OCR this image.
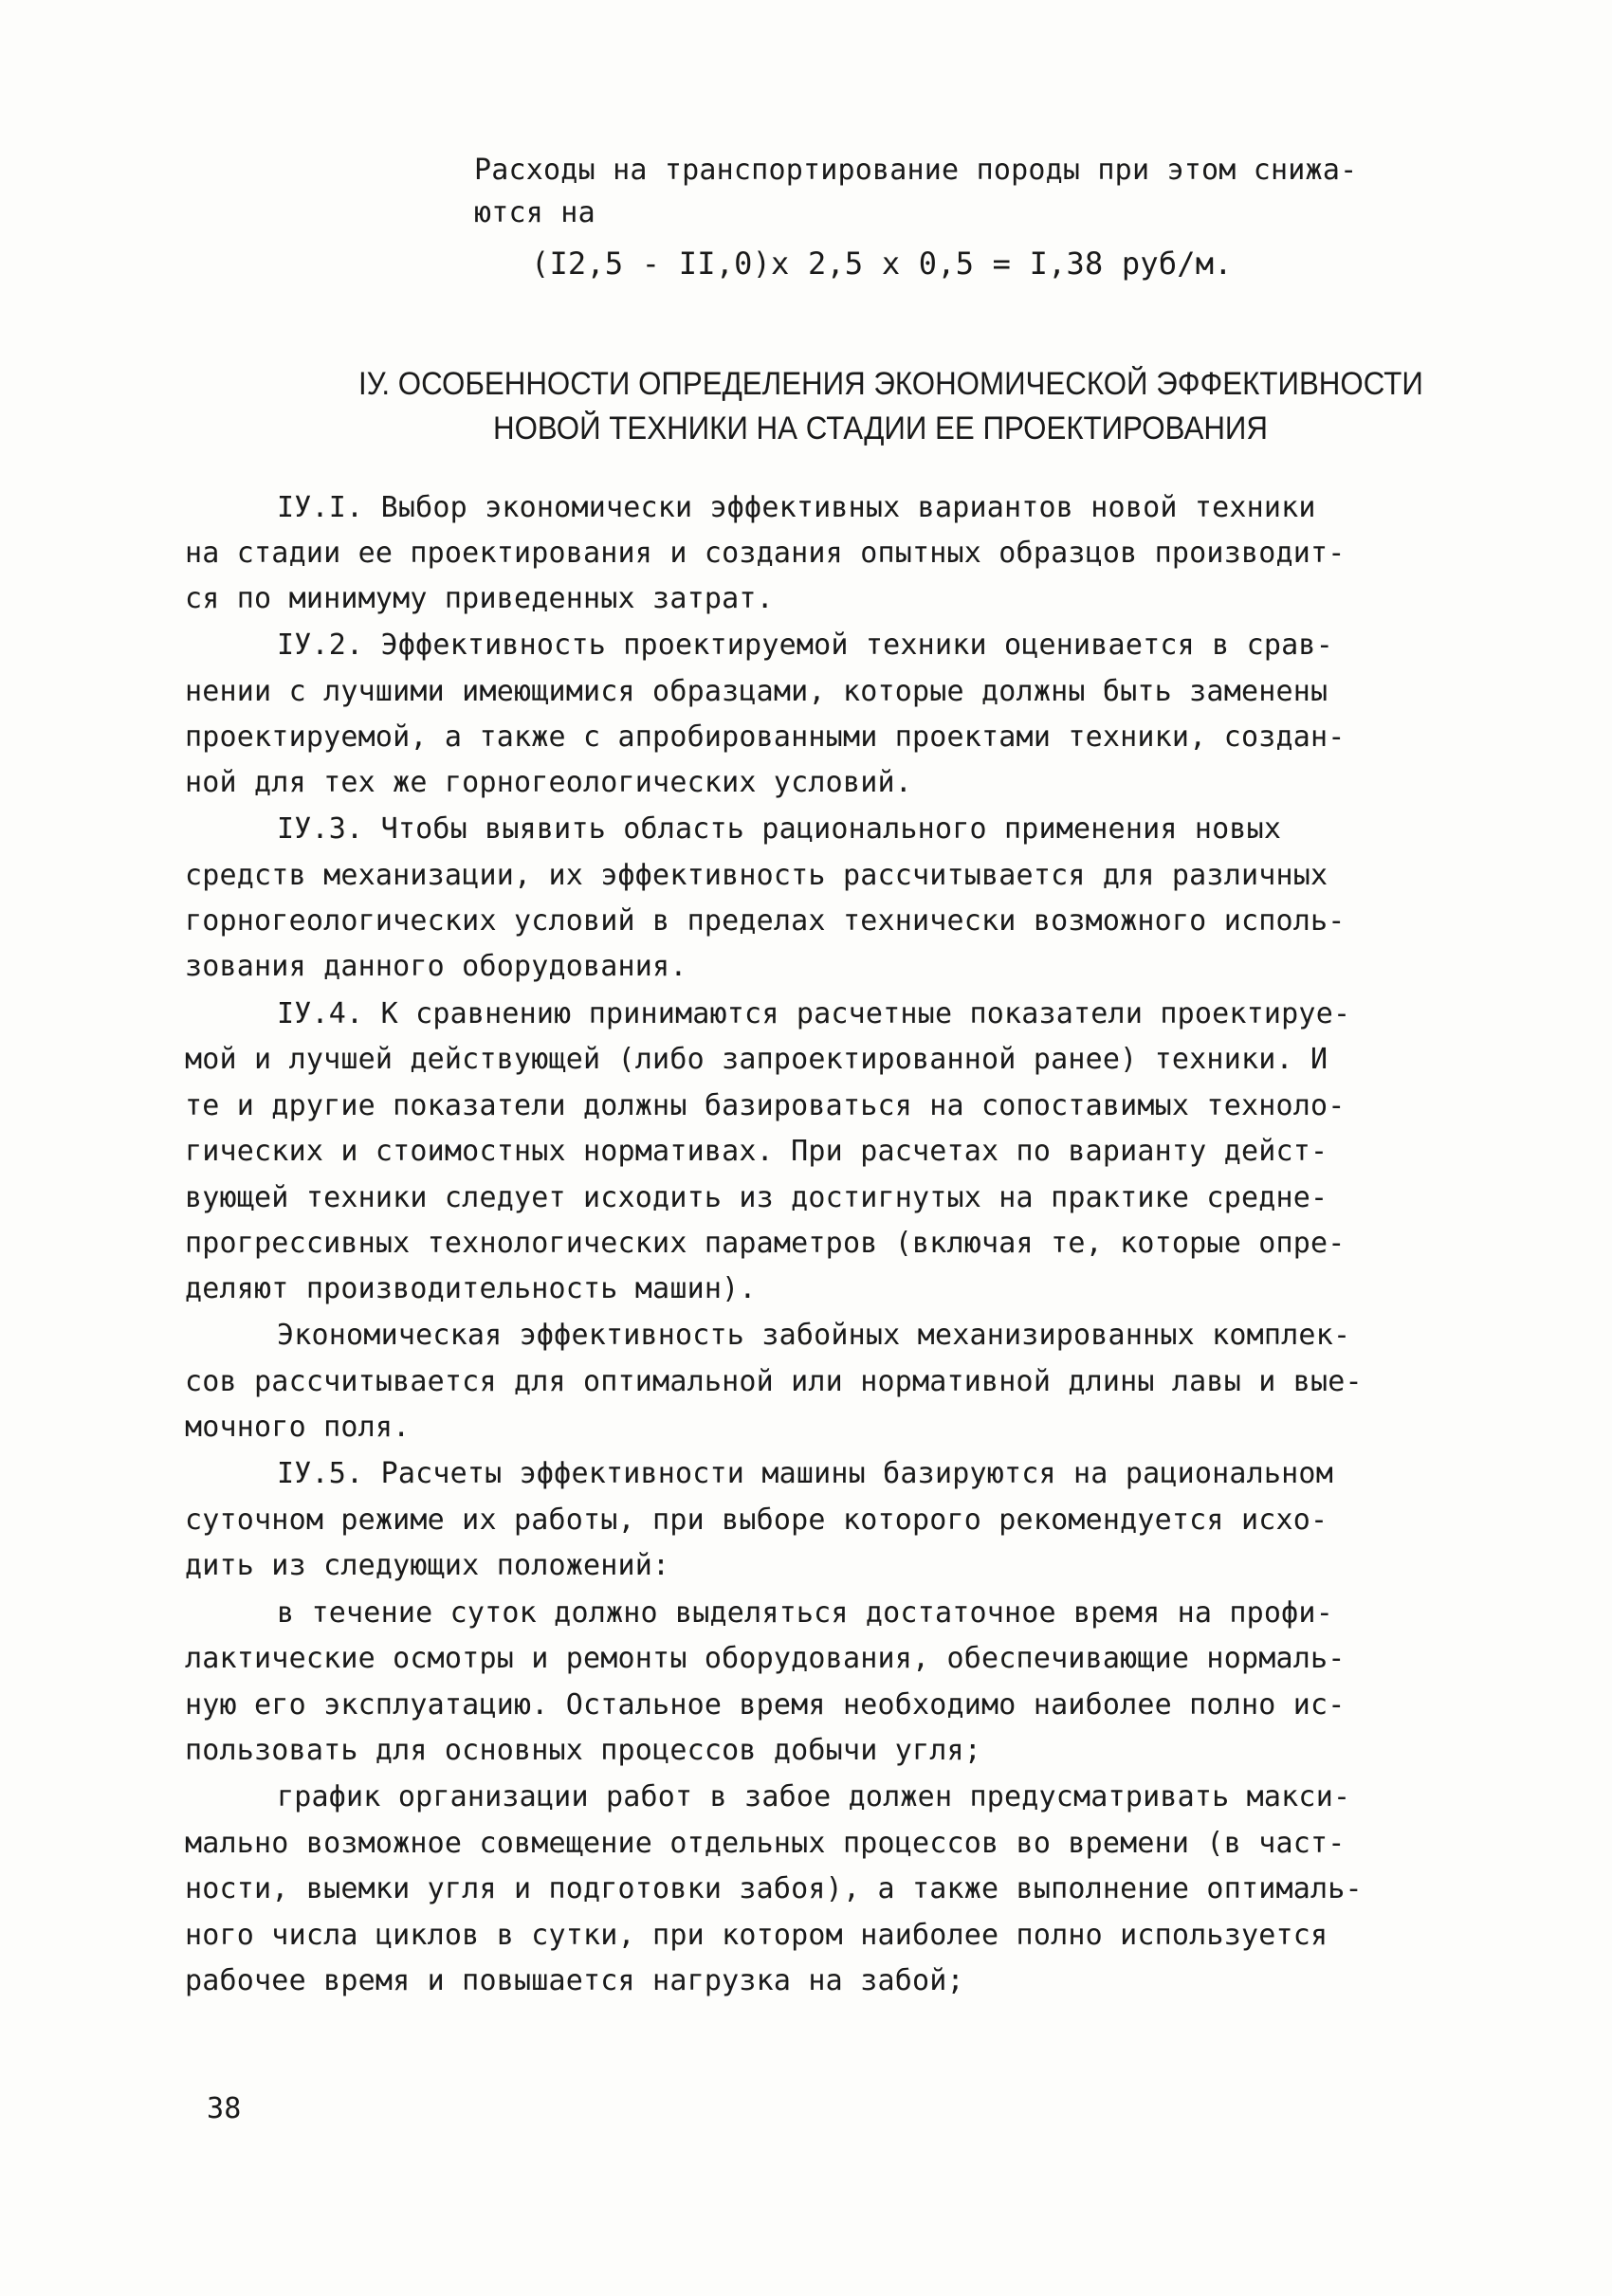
Расходы на транспортирование породы при этом снижа-
ются на
(I2,5 - II,0)x 2,5 x 0,5 = I,38 руб/м.
IУ. ОСОБЕННОСТИ ОПРЕДЕЛЕНИЯ ЭКОНОМИЧЕСКОЙ ЭФФЕКТИВНОСТИ
НОВОЙ ТЕХНИКИ НА СТАДИИ ЕЕ ПРОЕКТИРОВАНИЯ
IУ.I. Выбор экономически эффективных вариантов новой техники
на стадии ее проектирования и создания опытных образцов производит-
ся по минимуму приведенных затрат.
IУ.2. Эффективность проектируемой техники оценивается в срав-
нении с лучшими имеющимися образцами, которые должны быть заменены
проектируемой, а также с апробированными проектами техники, создан-
ной для тех же горногеологических условий.
IУ.3. Чтобы выявить область рационального применения новых
средств механизации, их эффективность рассчитывается для различных
горногеологических условий в пределах технически возможного исполь-
зования данного оборудования.
IУ.4. К сравнению принимаются расчетные показатели проектируе-
мой и лучшей действующей (либо запроектированной ранее) техники. И
те и другие показатели должны базироваться на сопоставимых техноло-
гических и стоимостных нормативах. При расчетах по варианту дейст-
вующей техники следует исходить из достигнутых на практике средне-
прогрессивных технологических параметров (включая те, которые опре-
деляют производительность машин).
Экономическая эффективность забойных механизированных комплек-
сов рассчитывается для оптимальной или нормативной длины лавы и вые-
мочного поля.
IУ.5. Расчеты эффективности машины базируются на рациональном
суточном режиме их работы, при выборе которого рекомендуется исхо-
дить из следующих положений:
в течение суток должно выделяться достаточное время на профи-
лактические осмотры и ремонты оборудования, обеспечивающие нормаль-
ную его эксплуатацию. Остальное время необходимо наиболее полно ис-
пользовать для основных процессов добычи угля;
график организации работ в забое должен предусматривать макси-
мально возможное совмещение отдельных процессов во времени (в част-
ности, выемки угля и подготовки забоя), а также выполнение оптималь-
ного числа циклов в сутки, при котором наиболее полно используется
рабочее время и повышается нагрузка на забой;
38
